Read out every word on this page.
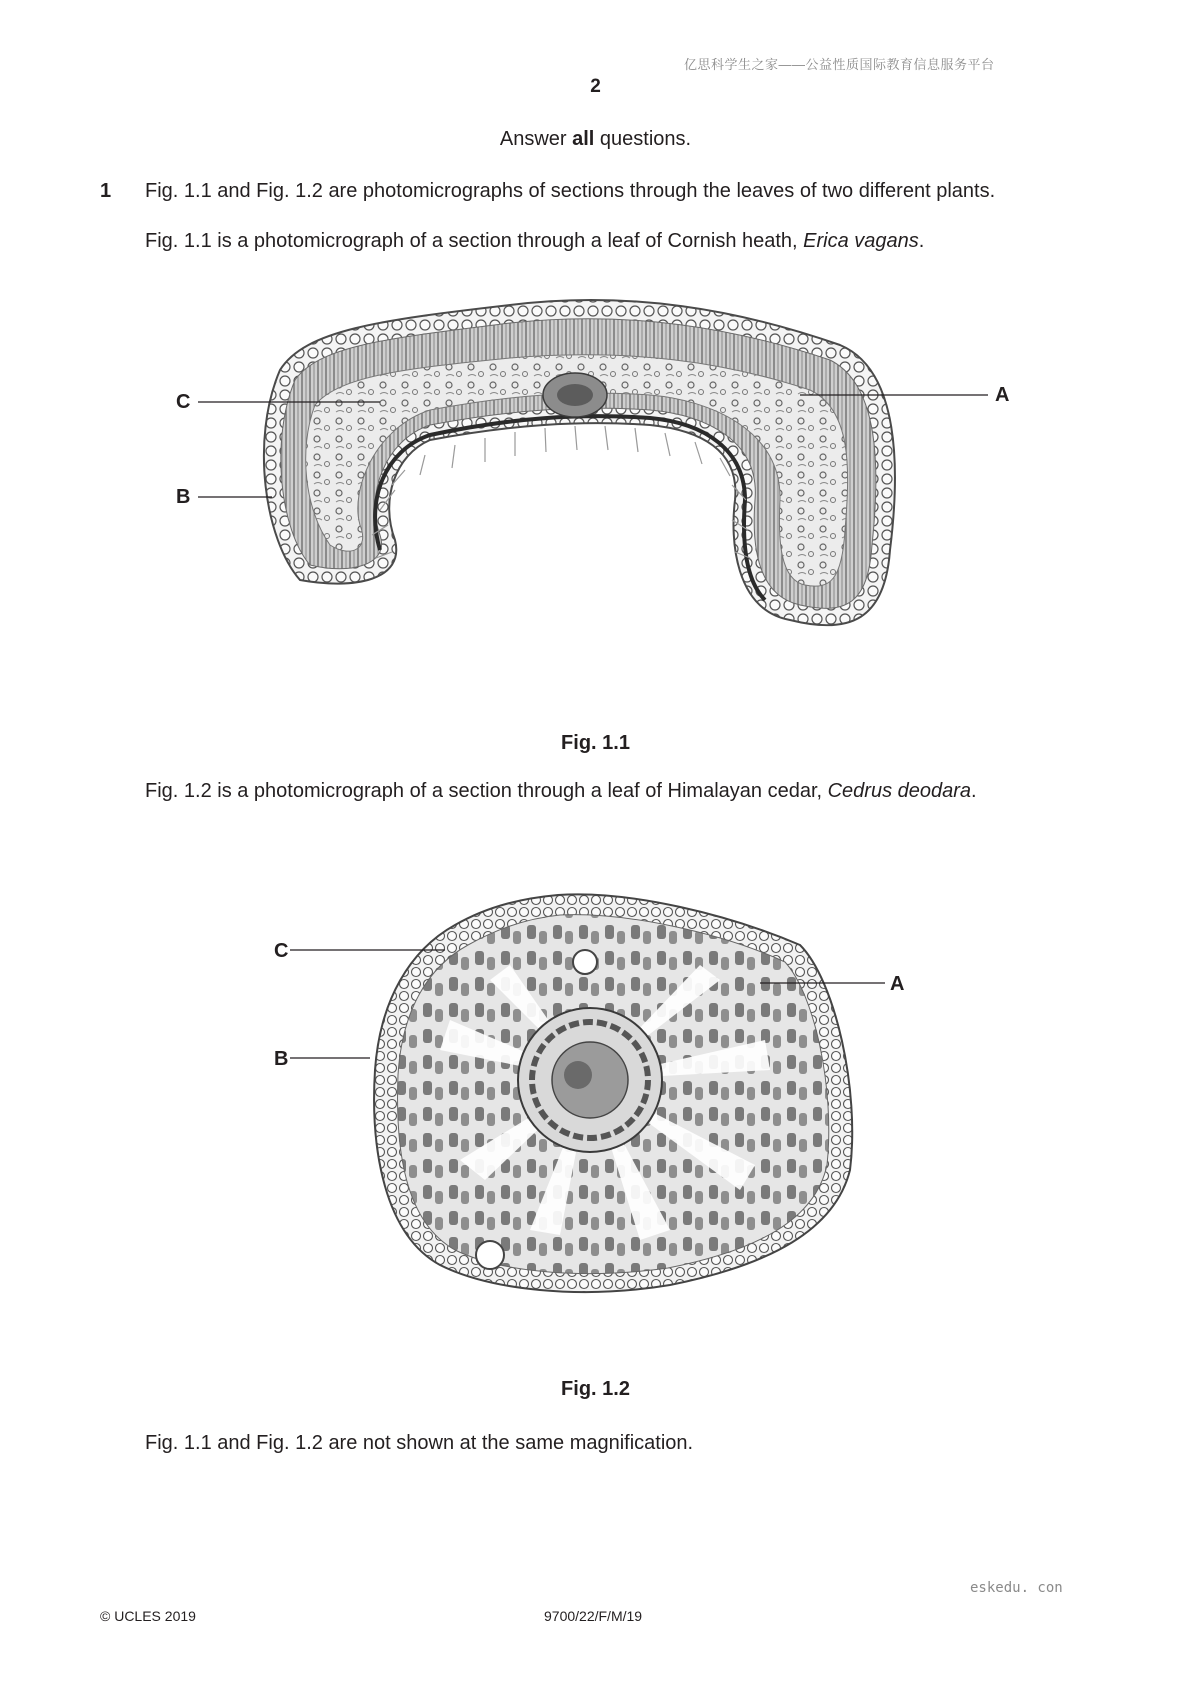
亿思科学生之家——公益性质国际教育信息服务平台
2
Answer all questions.
1 Fig. 1.1 and Fig. 1.2 are photomicrographs of sections through the leaves of two different plants.
Fig. 1.1 is a photomicrograph of a section through a leaf of Cornish heath, Erica vagans.
C
B
A
Fig. 1.1
Fig. 1.2 is a photomicrograph of a section through a leaf of Himalayan cedar, Cedrus deodara.
C
B
A
Fig. 1.2
Fig. 1.1 and Fig. 1.2 are not shown at the same magnification.
eskedu. con
© UCLES 2019	9700/22/F/M/19
